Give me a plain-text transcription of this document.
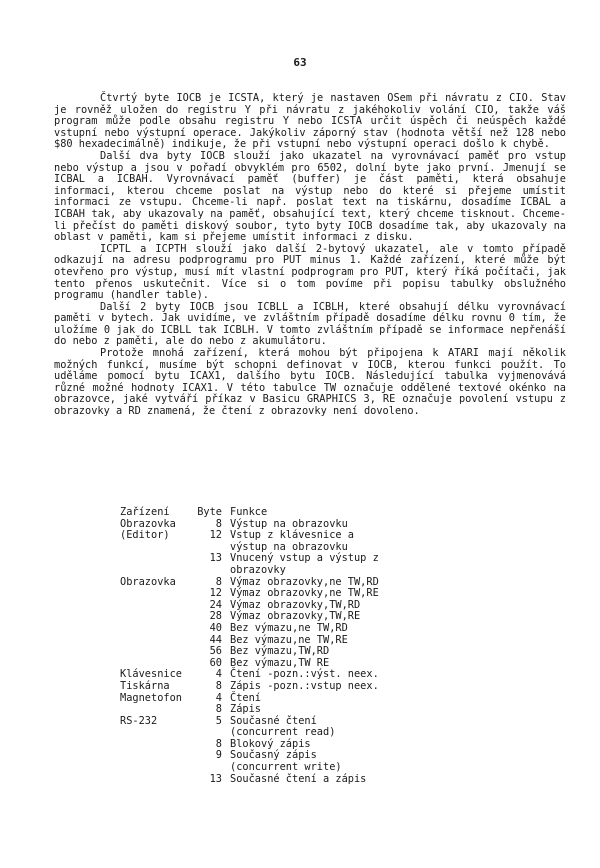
63

Čtvrtý byte IOCB je ICSTA, který je nastaven OSem při návratu z CIO. Stav je rovněž uložen do registru Y při návratu z jakéhokoliv volání CIO, takže váš program může podle obsahu registru Y nebo ICSTA určit úspěch či neúspěch každé vstupní nebo výstupní operace. Jakýkoliv záporný stav (hodnota větší než 128 nebo $80 hexadecimálně) indikuje, že při vstupní nebo výstupní operaci došlo k chybě.

Další dva byty IOCB slouží jako ukazatel na vyrovnávací paměť pro vstup nebo výstup a jsou v pořadí obvyklém pro 6502, dolní byte jako první. Jmenují se ICBAL a ICBAH. Vyrovnávací paměť (buffer) je část paměti, která obsahuje informaci, kterou chceme poslat na výstup nebo do které si přejeme umístit informaci ze vstupu. Chceme-li např. poslat text na tiskárnu, dosadíme ICBAL a ICBAH tak, aby ukazovaly na paměť, obsahující text, který chceme tisknout. Chceme-li přečíst do paměti diskový soubor, tyto byty IOCB dosadíme tak, aby ukazovaly na oblast v paměti, kam si přejeme umístit informaci z disku.

ICPTL a ICPTH slouží jako další 2-bytový ukazatel, ale v tomto případě odkazují na adresu podprogramu pro PUT minus 1. Každé zařízení, které může být otevřeno pro výstup, musí mít vlastní podprogram pro PUT, který říká počítači, jak tento přenos uskutečnit. Více si o tom povíme při popisu tabulky obslužného programu (handler table).

Další 2 byty IOCB jsou ICBLL a ICBLH, které obsahují délku vyrovnávací paměti v bytech. Jak uvidíme, ve zvláštním případě dosadíme délku rovnu 0 tím, že uložíme 0 jak do ICBLL tak ICBLH. V tomto zvláštním případě se informace nepřenáší do nebo z paměti, ale do nebo z akumulátoru.

Protože mnohá zařízení, která mohou být připojena k ATARI mají několik možných funkcí, musíme být schopni definovat v IOCB, kterou funkci použít. To uděláme pomocí bytu ICAX1, dalšího bytu IOCB. Následující tabulka vyjmenovává různé možné hodnoty ICAX1. V této tabulce TW označuje oddělené textové okénko na obrazovce, jaké vytváří příkaz v Basicu GRAPHICS 3, RE označuje povolení vstupu z obrazovky a RD znamená, že čtení z obrazovky není dovoleno.

Zařízení	Byte	Funkce
Obrazovka	8	Výstup na obrazovku
(Editor)	12	Vstup z klávesnice a
		výstup na obrazovku
	13	Vnucený vstup a výstup z
		obrazovky
Obrazovka	8	Výmaz obrazovky,ne TW,RD
	12	Výmaz obrazovky,ne TW,RE
	24	Výmaz obrazovky,TW,RD
	28	Výmaz obrazovky,TW,RE
	40	Bez výmazu,ne TW,RD
	44	Bez výmazu,ne TW,RE
	56	Bez výmazu,TW,RD
	60	Bez výmazu,TW RE
Klávesnice	4	Čtení -pozn.:výst. neex.
Tiskárna	8	Zápis -pozn.:vstup neex.
Magnetofon	4	Čtení
	8	Zápis
RS-232	5	Současné čtení
		(concurrent read)
	8	Blokový zápis
	9	Současný zápis
		(concurrent write)
	13	Současné čtení a zápis
